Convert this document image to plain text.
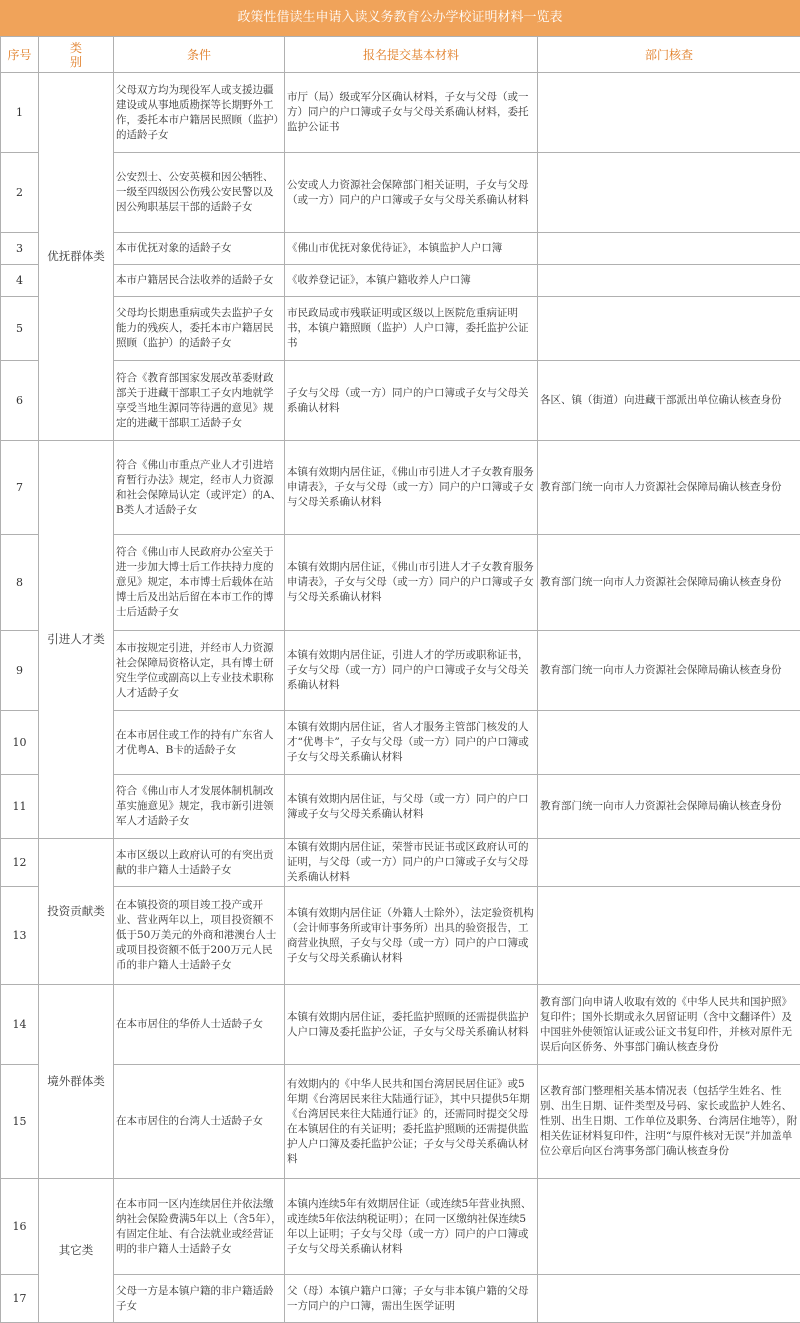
政策性借读生申请入读义务教育公办学校证明材料一览表
序号	类别	条件	报名提交基本材料	部门核查
1	优抚群体类	父母双方均为现役军人或支援边疆建设或从事地质勘探等长期野外工作，委托本市户籍居民照顾（监护）的适龄子女	市厅（局）级或军分区确认材料，子女与父母（或一方）同户的户口簿或子女与父母关系确认材料，委托监护公证书	
2		公安烈士、公安英模和因公牺牲、一级至四级因公伤残公安民警以及因公殉职基层干部的适龄子女	公安或人力资源社会保障部门相关证明，子女与父母（或一方）同户的户口簿或子女与父母关系确认材料	
3		本市优抚对象的适龄子女	《佛山市优抚对象优待证》，本镇监护人户口簿	
4		本市户籍居民合法收养的适龄子女	《收养登记证》，本镇户籍收养人户口簿	
5		父母均长期患重病或失去监护子女能力的残疾人，委托本市户籍居民照顾（监护）的适龄子女	市民政局或市残联证明或区级以上医院危重病证明书，本镇户籍照顾（监护）人户口簿，委托监护公证书	
6		符合《教育部国家发展改革委财政部关于进藏干部职工子女内地就学享受当地生源同等待遇的意见》规定的进藏干部职工适龄子女	子女与父母（或一方）同户的户口簿或子女与父母关系确认材料	各区、镇（街道）向进藏干部派出单位确认核查身份
7	引进人才类	符合《佛山市重点产业人才引进培育暂行办法》规定，经市人力资源和社会保障局认定（或评定）的A、B类人才适龄子女	本镇有效期内居住证，《佛山市引进人才子女教育服务申请表》，子女与父母（或一方）同户的户口簿或子女与父母关系确认材料	教育部门统一向市人力资源社会保障局确认核查身份
8		符合《佛山市人民政府办公室关于进一步加大博士后工作扶持力度的意见》规定，本市博士后载体在站博士后及出站后留在本市工作的博士后适龄子女	本镇有效期内居住证，《佛山市引进人才子女教育服务申请表》，子女与父母（或一方）同户的户口簿或子女与父母关系确认材料	教育部门统一向市人力资源社会保障局确认核查身份
9		本市按规定引进，并经市人力资源社会保障局资格认定，具有博士研究生学位或副高以上专业技术职称人才适龄子女	本镇有效期内居住证，引进人才的学历或职称证书，子女与父母（或一方）同户的户口簿或子女与父母关系确认材料	教育部门统一向市人力资源社会保障局确认核查身份
10		在本市居住或工作的持有广东省人才优粤A、B卡的适龄子女	本镇有效期内居住证，省人才服务主管部门核发的人才“优粤卡”，子女与父母（或一方）同户的户口簿或子女与父母关系确认材料	
11		符合《佛山市人才发展体制机制改革实施意见》规定，我市新引进领军人才适龄子女	本镇有效期内居住证，与父母（或一方）同户的户口簿或子女与父母关系确认材料	教育部门统一向市人力资源社会保障局确认核查身份
12	投资贡献类	本市区级以上政府认可的有突出贡献的非户籍人士适龄子女	本镇有效期内居住证，荣誉市民证书或区政府认可的证明，与父母（或一方）同户的户口簿或子女与父母关系确认材料	
13		在本镇投资的项目竣工投产或开业、营业两年以上，项目投资额不低于50万美元的外商和港澳台人士或项目投资额不低于200万元人民币的非户籍人士适龄子女	本镇有效期内居住证（外籍人士除外），法定验资机构（会计师事务所或审计事务所）出具的验资报告，工商营业执照，子女与父母（或一方）同户的户口簿或子女与父母关系确认材料	
14	境外群体类	在本市居住的华侨人士适龄子女	本镇有效期内居住证，委托监护照顾的还需提供监护人户口簿及委托监护公证，子女与父母关系确认材料	教育部门向申请人收取有效的《中华人民共和国护照》复印件；国外长期或永久居留证明（含中文翻译件）及中国驻外使领馆认证或公证文书复印件，并核对原件无误后向区侨务、外事部门确认核查身份
15		在本市居住的台湾人士适龄子女	有效期内的《中华人民共和国台湾居民居住证》或5年期《台湾居民来往大陆通行证》，其中只提供5年期《台湾居民来往大陆通行证》的，还需同时提交父母在本镇居住的有关证明；委托监护照顾的还需提供监护人户口簿及委托监护公证；子女与父母关系确认材料	区教育部门整理相关基本情况表（包括学生姓名、性别、出生日期、证件类型及号码、家长或监护人姓名、性别、出生日期、工作单位及职务、台湾居住地等），附相关佐证材料复印件，注明“与原件核对无误”并加盖单位公章后向区台湾事务部门确认核查身份
16	其它类	在本市同一区内连续居住并依法缴纳社会保险费满5年以上（含5年），有固定住址、有合法就业或经营证明的非户籍人士适龄子女	本镇内连续5年有效期居住证（或连续5年营业执照、或连续5年依法纳税证明）；在同一区缴纳社保连续5年以上证明；子女与父母（或一方）同户的户口簿或子女与父母关系确认材料	
17		父母一方是本镇户籍的非户籍适龄子女	父（母）本镇户籍户口簿；子女与非本镇户籍的父母一方同户的户口簿，需出生医学证明	
